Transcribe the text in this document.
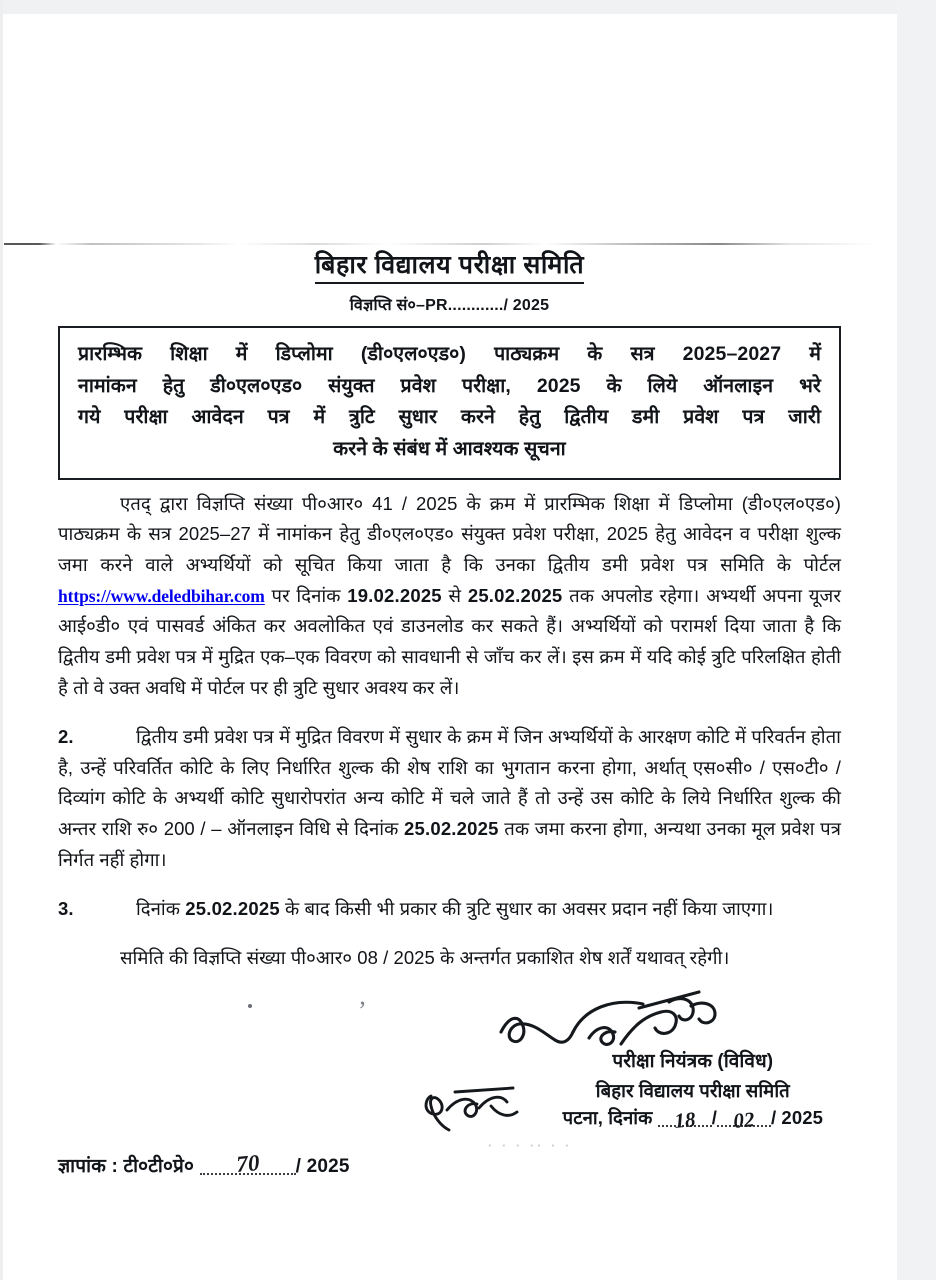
बिहार विद्यालय परीक्षा समिति
विज्ञप्ति सं०–PR............/ 2025
प्रारम्भिक शिक्षा में डिप्लोमा (डी०एल०एड०) पाठ्यक्रम के सत्र 2025–2027 में
नामांकन हेतु डी०एल०एड० संयुक्त प्रवेश परीक्षा, 2025 के लिये ऑनलाइन भरे
गये परीक्षा आवेदन पत्र में त्रुटि सुधार करने हेतु द्वितीय डमी प्रवेश पत्र जारी
करने के संबंध में आवश्यक सूचना

एतद् द्वारा विज्ञप्ति संख्या पी०आर० 41 / 2025 के क्रम में प्रारम्भिक शिक्षा में डिप्लोमा (डी०एल०एड०) पाठ्यक्रम के सत्र 2025–27 में नामांकन हेतु डी०एल०एड० संयुक्त प्रवेश परीक्षा, 2025 हेतु आवेदन व परीक्षा शुल्क जमा करने वाले अभ्यर्थियों को सूचित किया जाता है कि उनका द्वितीय डमी प्रवेश पत्र समिति के पोर्टल https://www.deledbihar.com पर दिनांक 19.02.2025 से 25.02.2025 तक अपलोड रहेगा। अभ्यर्थी अपना यूजर आई०डी० एवं पासवर्ड अंकित कर अवलोकित एवं डाउनलोड कर सकते हैं। अभ्यर्थियों को परामर्श दिया जाता है कि द्वितीय डमी प्रवेश पत्र में मुद्रित एक–एक विवरण को सावधानी से जाँच कर लें। इस क्रम में यदि कोई त्रुटि परिलक्षित होती है तो वे उक्त अवधि में पोर्टल पर ही त्रुटि सुधार अवश्य कर लें।

2.	द्वितीय डमी प्रवेश पत्र में मुद्रित विवरण में सुधार के क्रम में जिन अभ्यर्थियों के आरक्षण कोटि में परिवर्तन होता है, उन्हें परिवर्तित कोटि के लिए निर्धारित शुल्क की शेष राशि का भुगतान करना होगा, अर्थात् एस०सी० / एस०टी० / दिव्यांग कोटि के अभ्यर्थी कोटि सुधारोपरांत अन्य कोटि में चले जाते हैं तो उन्हें उस कोटि के लिये निर्धारित शुल्क की अन्तर राशि रु० 200 / – ऑनलाइन विधि से दिनांक 25.02.2025 तक जमा करना होगा, अन्यथा उनका मूल प्रवेश पत्र निर्गत नहीं होगा।

3.	दिनांक 25.02.2025 के बाद किसी भी प्रकार की त्रुटि सुधार का अवसर प्रदान नहीं किया जाएगा।

समिति की विज्ञप्ति संख्या पी०आर० 08 / 2025 के अन्तर्गत प्रकाशित शेष शर्तें यथावत् रहेगी।

’
परीक्षा नियंत्रक (विविध)
बिहार विद्यालय परीक्षा समिति
पटना, दिनांक 18 / 02 / 2025
ज्ञापांक : टी०टी०प्रे० 70 / 2025
· · · ·· · ·
